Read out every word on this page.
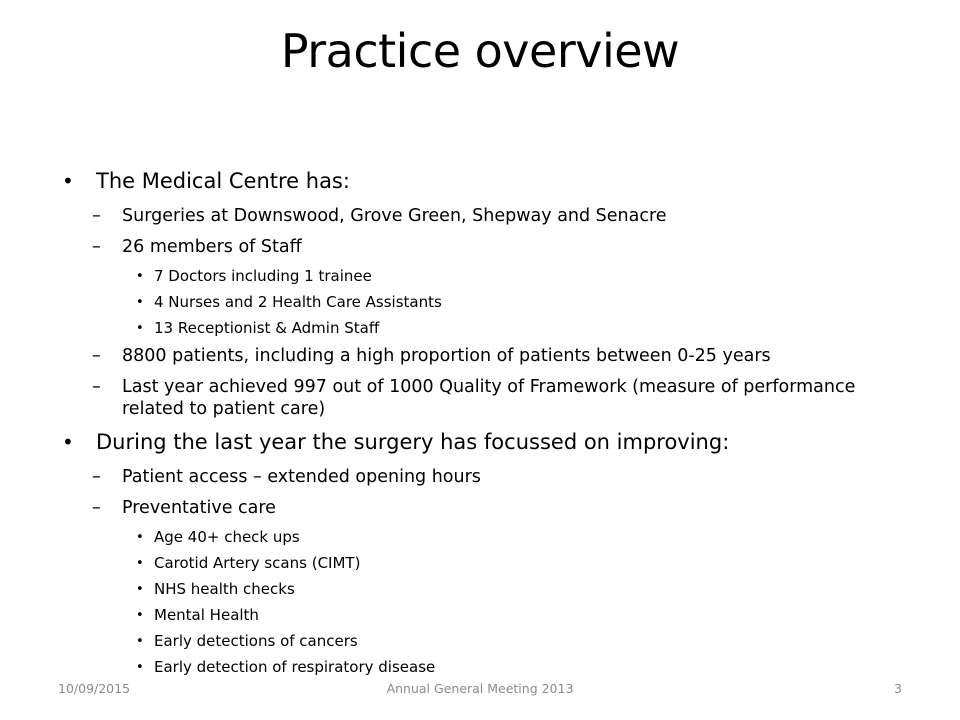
Practice overview
• The Medical Centre has:
– Surgeries at Downswood, Grove Green, Shepway and Senacre
– 26 members of Staff
• 7 Doctors including 1 trainee
• 4 Nurses and 2 Health Care Assistants
• 13 Receptionist & Admin Staff
– 8800 patients, including a high proportion of patients between 0-25 years
– Last year achieved 997 out of 1000 Quality of Framework (measure of performance related to patient care)
• During the last year the surgery has focussed on improving:
– Patient access – extended opening hours
– Preventative care
• Age 40+ check ups
• Carotid Artery scans (CIMT)
• NHS health checks
• Mental Health
• Early detections of cancers
• Early detection of respiratory disease
10/09/2015	Annual General Meeting 2013	3
